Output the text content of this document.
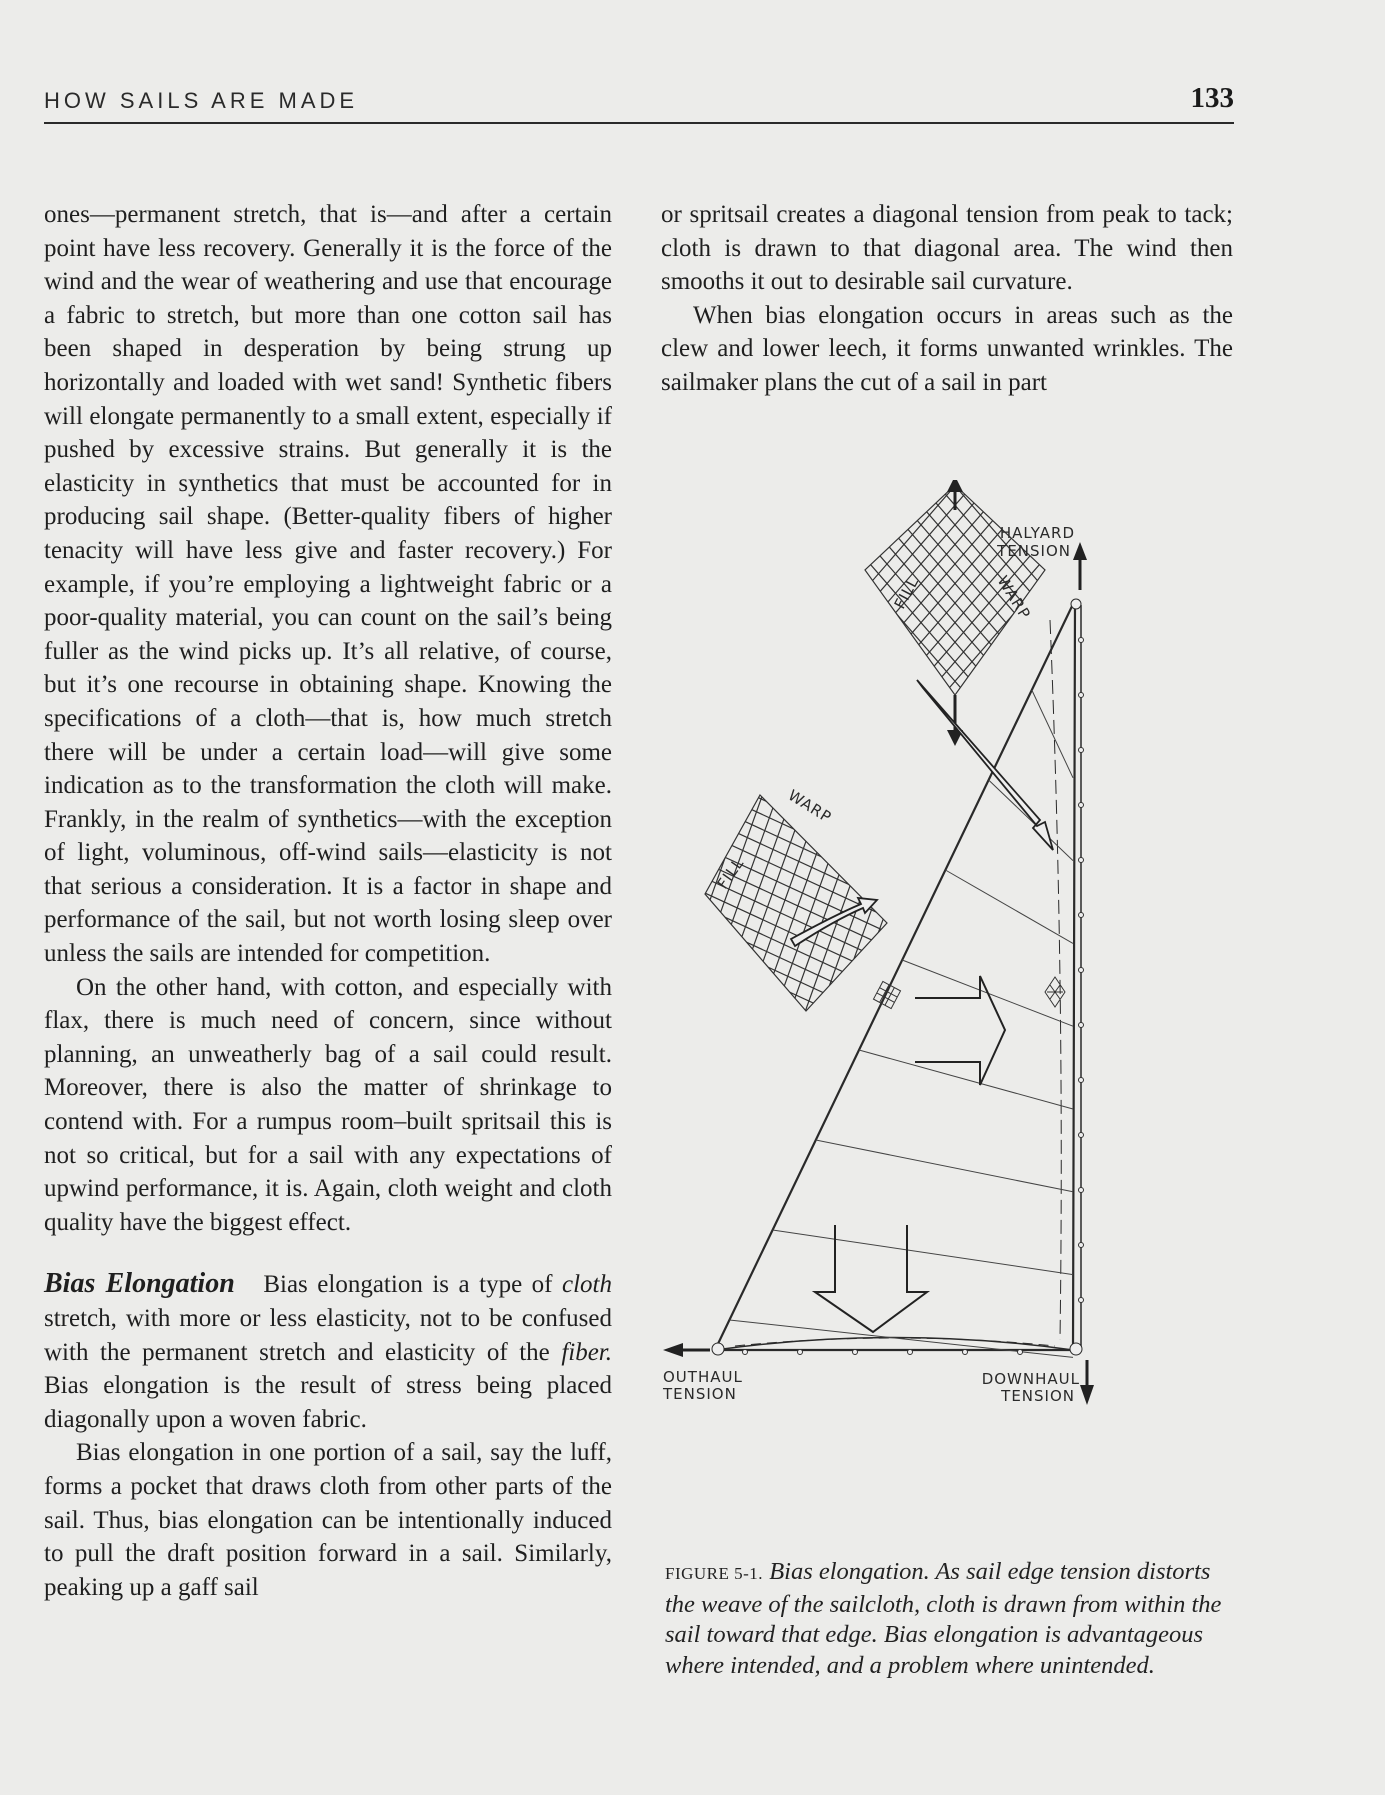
HOW SAILS ARE MADE	133

ones—permanent stretch, that is—and after a certain point have less recovery. Generally it is the force of the wind and the wear of weathering and use that encourage a fabric to stretch, but more than one cotton sail has been shaped in desperation by being strung up horizontally and loaded with wet sand! Synthetic fibers will elongate permanently to a small extent, especially if pushed by excessive strains. But generally it is the elasticity in synthetics that must be accounted for in producing sail shape. (Better-quality fibers of higher tenacity will have less give and faster recovery.) For example, if you’re employing a lightweight fabric or a poor-quality material, you can count on the sail’s being fuller as the wind picks up. It’s all relative, of course, but it’s one recourse in obtaining shape. Knowing the specifications of a cloth—that is, how much stretch there will be under a certain load—will give some indication as to the transformation the cloth will make. Frankly, in the realm of synthetics—with the exception of light, voluminous, off-wind sails—elasticity is not that serious a consideration. It is a factor in shape and performance of the sail, but not worth losing sleep over unless the sails are intended for competition.

On the other hand, with cotton, and especially with flax, there is much need of concern, since without planning, an unweatherly bag of a sail could result. Moreover, there is also the matter of shrinkage to contend with. For a rumpus room–built spritsail this is not so critical, but for a sail with any expectations of upwind performance, it is. Again, cloth weight and cloth quality have the biggest effect.

Bias Elongation Bias elongation is a type of cloth stretch, with more or less elasticity, not to be confused with the permanent stretch and elasticity of the fiber. Bias elongation is the result of stress being placed diagonally upon a woven fabric.

Bias elongation in one portion of a sail, say the luff, forms a pocket that draws cloth from other parts of the sail. Thus, bias elongation can be intentionally induced to pull the draft position forward in a sail. Similarly, peaking up a gaff sail

or spritsail creates a diagonal tension from peak to tack; cloth is drawn to that diagonal area. The wind then smooths it out to desirable sail curvature.

When bias elongation occurs in areas such as the clew and lower leech, it forms unwanted wrinkles. The sailmaker plans the cut of a sail in part

FILL	WARP
WARP
FILL
HALYARD
TENSION
OUTHAUL
TENSION
DOWNHAUL
TENSION
FIGURE 5-1. Bias elongation. As sail edge tension distorts the weave of the sailcloth, cloth is drawn from within the sail toward that edge. Bias elongation is advantageous where intended, and a problem where unintended.
